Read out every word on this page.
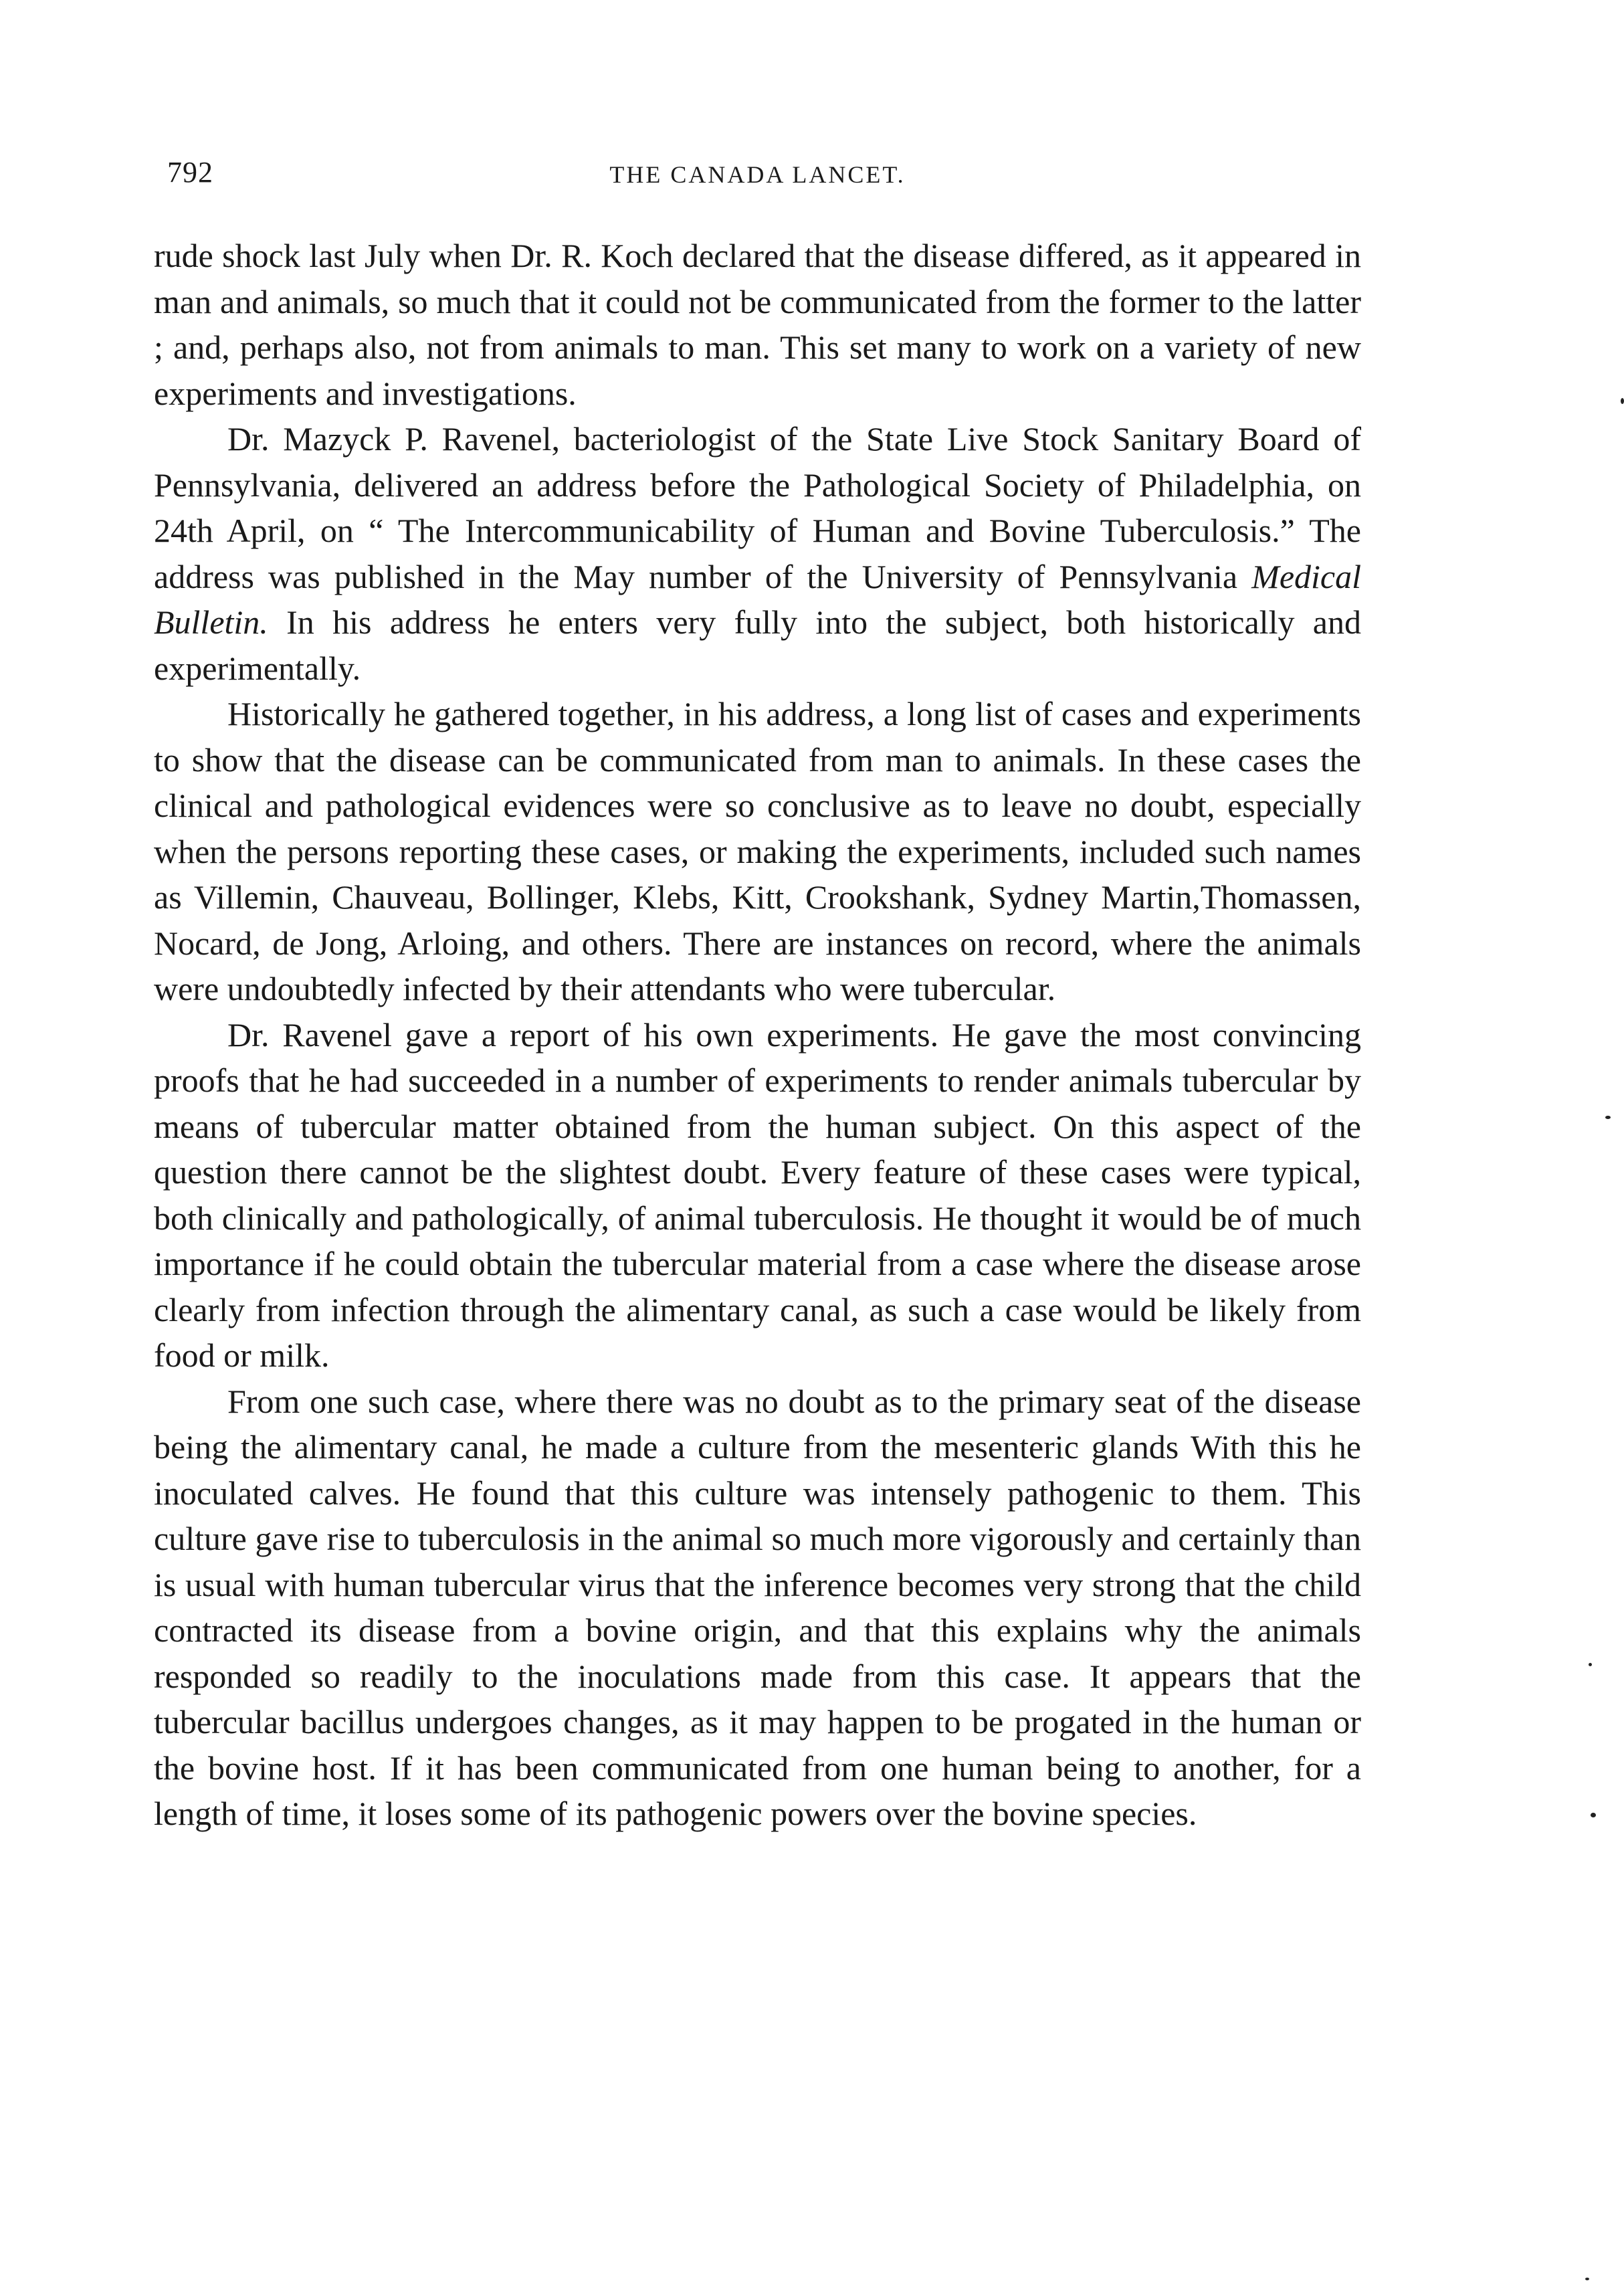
792	THE CANADA LANCET.

rude shock last July when Dr. R. Koch declared that the disease differed, as it appeared in man and animals, so much that it could not be communicated from the former to the latter ; and, perhaps also, not from animals to man. This set many to work on a variety of new experiments and investigations.

Dr. Mazyck P. Ravenel, bacteriologist of the State Live Stock Sanitary Board of Pennsylvania, delivered an address before the Pathological Society of Philadelphia, on 24th April, on “ The Intercommunicability of Human and Bovine Tuberculosis.” The address was published in the May number of the University of Pennsylvania Medical Bulletin. In his address he enters very fully into the subject, both historically and experimentally.

Historically he gathered together, in his address, a long list of cases and experiments to show that the disease can be communicated from man to animals. In these cases the clinical and pathological evidences were so conclusive as to leave no doubt, especially when the persons reporting these cases, or making the experiments, included such names as Villemin, Chauveau, Bollinger, Klebs, Kitt, Crookshank, Sydney Martin,Thomassen, Nocard, de Jong, Arloing, and others. There are instances on record, where the animals were undoubtedly infected by their attendants who were tubercular.

Dr. Ravenel gave a report of his own experiments. He gave the most convincing proofs that he had succeeded in a number of experiments to render animals tubercular by means of tubercular matter obtained from the human subject. On this aspect of the question there cannot be the slightest doubt. Every feature of these cases were typical, both clinically and pathologically, of animal tuberculosis. He thought it would be of much importance if he could obtain the tubercular material from a case where the disease arose clearly from infection through the alimentary canal, as such a case would be likely from food or milk.

From one such case, where there was no doubt as to the primary seat of the disease being the alimentary canal, he made a culture from the mesenteric glands With this he inoculated calves. He found that this culture was intensely pathogenic to them. This culture gave rise to tuberculosis in the animal so much more vigorously and certainly than is usual with human tubercular virus that the inference becomes very strong that the child contracted its disease from a bovine origin, and that this explains why the animals responded so readily to the inoculations made from this case. It appears that the tubercular bacillus undergoes changes, as it may happen to be progated in the human or the bovine host. If it has been communicated from one human being to another, for a length of time, it loses some of its pathogenic powers over the bovine species.
